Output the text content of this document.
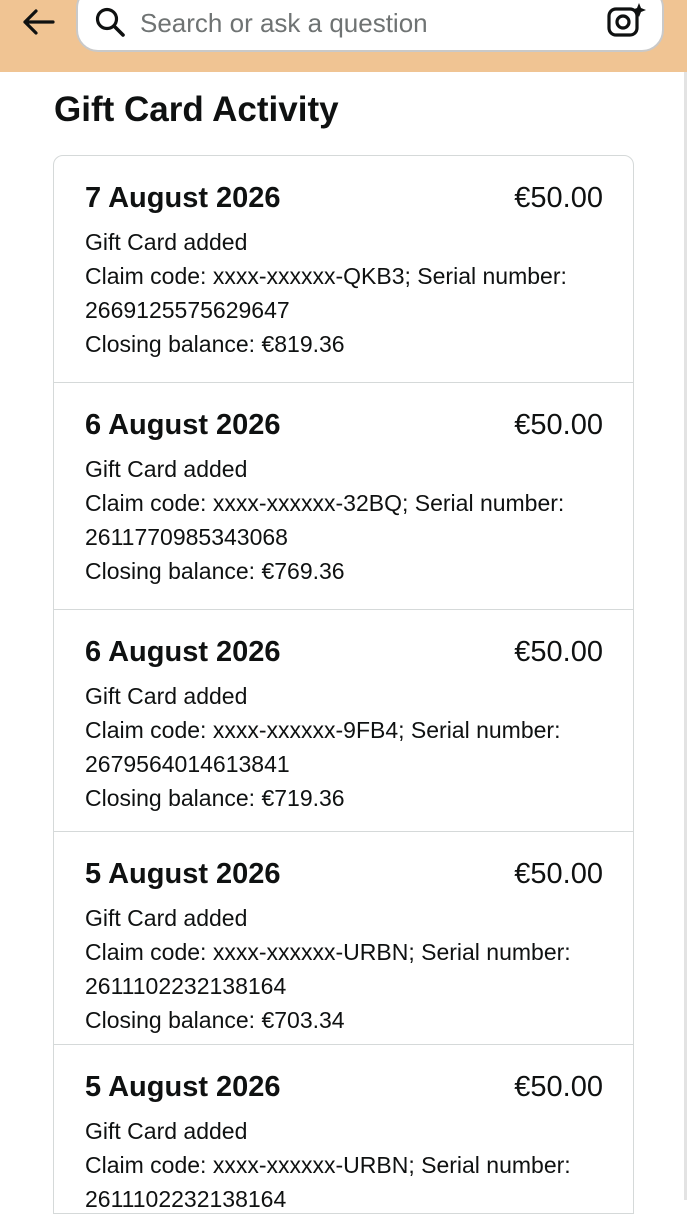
Search or ask a question
Gift Card Activity
7 August 2026	€50.00
Gift Card added
Claim code: xxxx-xxxxxx-QKB3; Serial number:
2669125575629647
Closing balance: €819.36
6 August 2026	€50.00
Gift Card added
Claim code: xxxx-xxxxxx-32BQ; Serial number:
2611770985343068
Closing balance: €769.36
6 August 2026	€50.00
Gift Card added
Claim code: xxxx-xxxxxx-9FB4; Serial number:
2679564014613841
Closing balance: €719.36
5 August 2026	€50.00
Gift Card added
Claim code: xxxx-xxxxxx-URBN; Serial number:
2611102232138164
Closing balance: €703.34
5 August 2026	€50.00
Gift Card added
Claim code: xxxx-xxxxxx-URBN; Serial number:
2611102232138164
